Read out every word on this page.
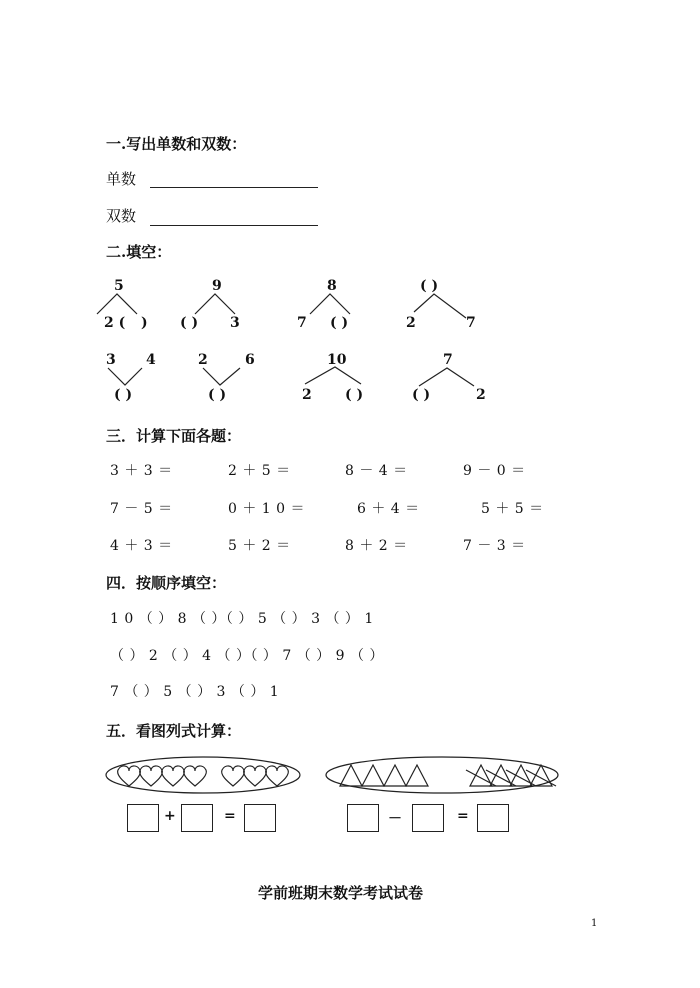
一.写出单数和双数：
单数
双数
二.填空：
5
2 ( )
9
( ) 3
8
7 ( )
( )
2	7
3 4
( )
2	6
( )
10
2 ( )
7
( )	2
三．计算下面各题：
3 ＋ 3 ＝	2 ＋ 5 ＝	8 － 4 ＝	9 － 0 ＝
7 － 5 ＝	0 ＋ 1 0 ＝	6 ＋ 4 ＝	5 ＋ 5 ＝
4 ＋ 3 ＝	5 ＋ 2 ＝	8 ＋ 2 ＝	7 － 3 ＝
四．按顺序填空：
1 0 （ ） 8 （ ）（ ） 5 （ ） 3 （ ） 1
（ ） 2 （ ） 4 （ ）（ ） 7 （ ） 9 （ ）
7 （ ） 5 （ ） 3 （ ） 1
五．看图列式计算：
+	=	－	=
学前班期末数学考试试卷
1
